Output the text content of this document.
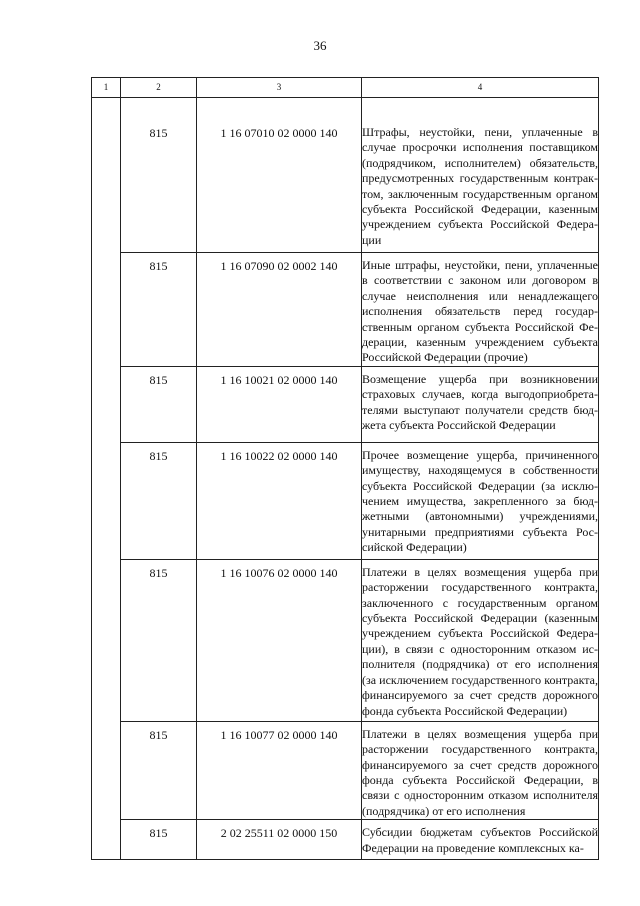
36
1	2	3	4
	815	1 16 07010 02 0000 140	Штрафы, неустойки, пени, уплаченные в случае просрочки исполнения поставщиком (подрядчиком, исполнителем) обязательств, предусмотренных государственным контрактом, заключенным государственным органом субъекта Российской Федерации, казенным учреждением субъекта Российской Федерации
	815	1 16 07090 02 0002 140	Иные штрафы, неустойки, пени, уплаченные в соответствии с законом или договором в случае неисполнения или ненадлежащего исполнения обязательств перед государственным органом субъекта Российской Федерации, казенным учреждением субъекта Российской Федерации (прочие)
	815	1 16 10021 02 0000 140	Возмещение ущерба при возникновении страховых случаев, когда выгодоприобретателями выступают получатели средств бюджета субъекта Российской Федерации
	815	1 16 10022 02 0000 140	Прочее возмещение ущерба, причиненного имуществу, находящемуся в собственности субъекта Российской Федерации (за исключением имущества, закрепленного за бюджетными (автономными) учреждениями, унитарными предприятиями субъекта Российской Федерации)
	815	1 16 10076 02 0000 140	Платежи в целях возмещения ущерба при расторжении государственного контракта, заключенного с государственным органом субъекта Российской Федерации (казенным учреждением субъекта Российской Федерации), в связи с односторонним отказом исполнителя (подрядчика) от его исполнения (за исключением государственного контракта, финансируемого за счет средств дорожного фонда субъекта Российской Федерации)
	815	1 16 10077 02 0000 140	Платежи в целях возмещения ущерба при расторжении государственного контракта, финансируемого за счет средств дорожного фонда субъекта Российской Федерации, в связи с односторонним отказом исполнителя (подрядчика) от его исполнения
	815	2 02 25511 02 0000 150	Субсидии бюджетам субъектов Российской Федерации на проведение комплексных ка-
